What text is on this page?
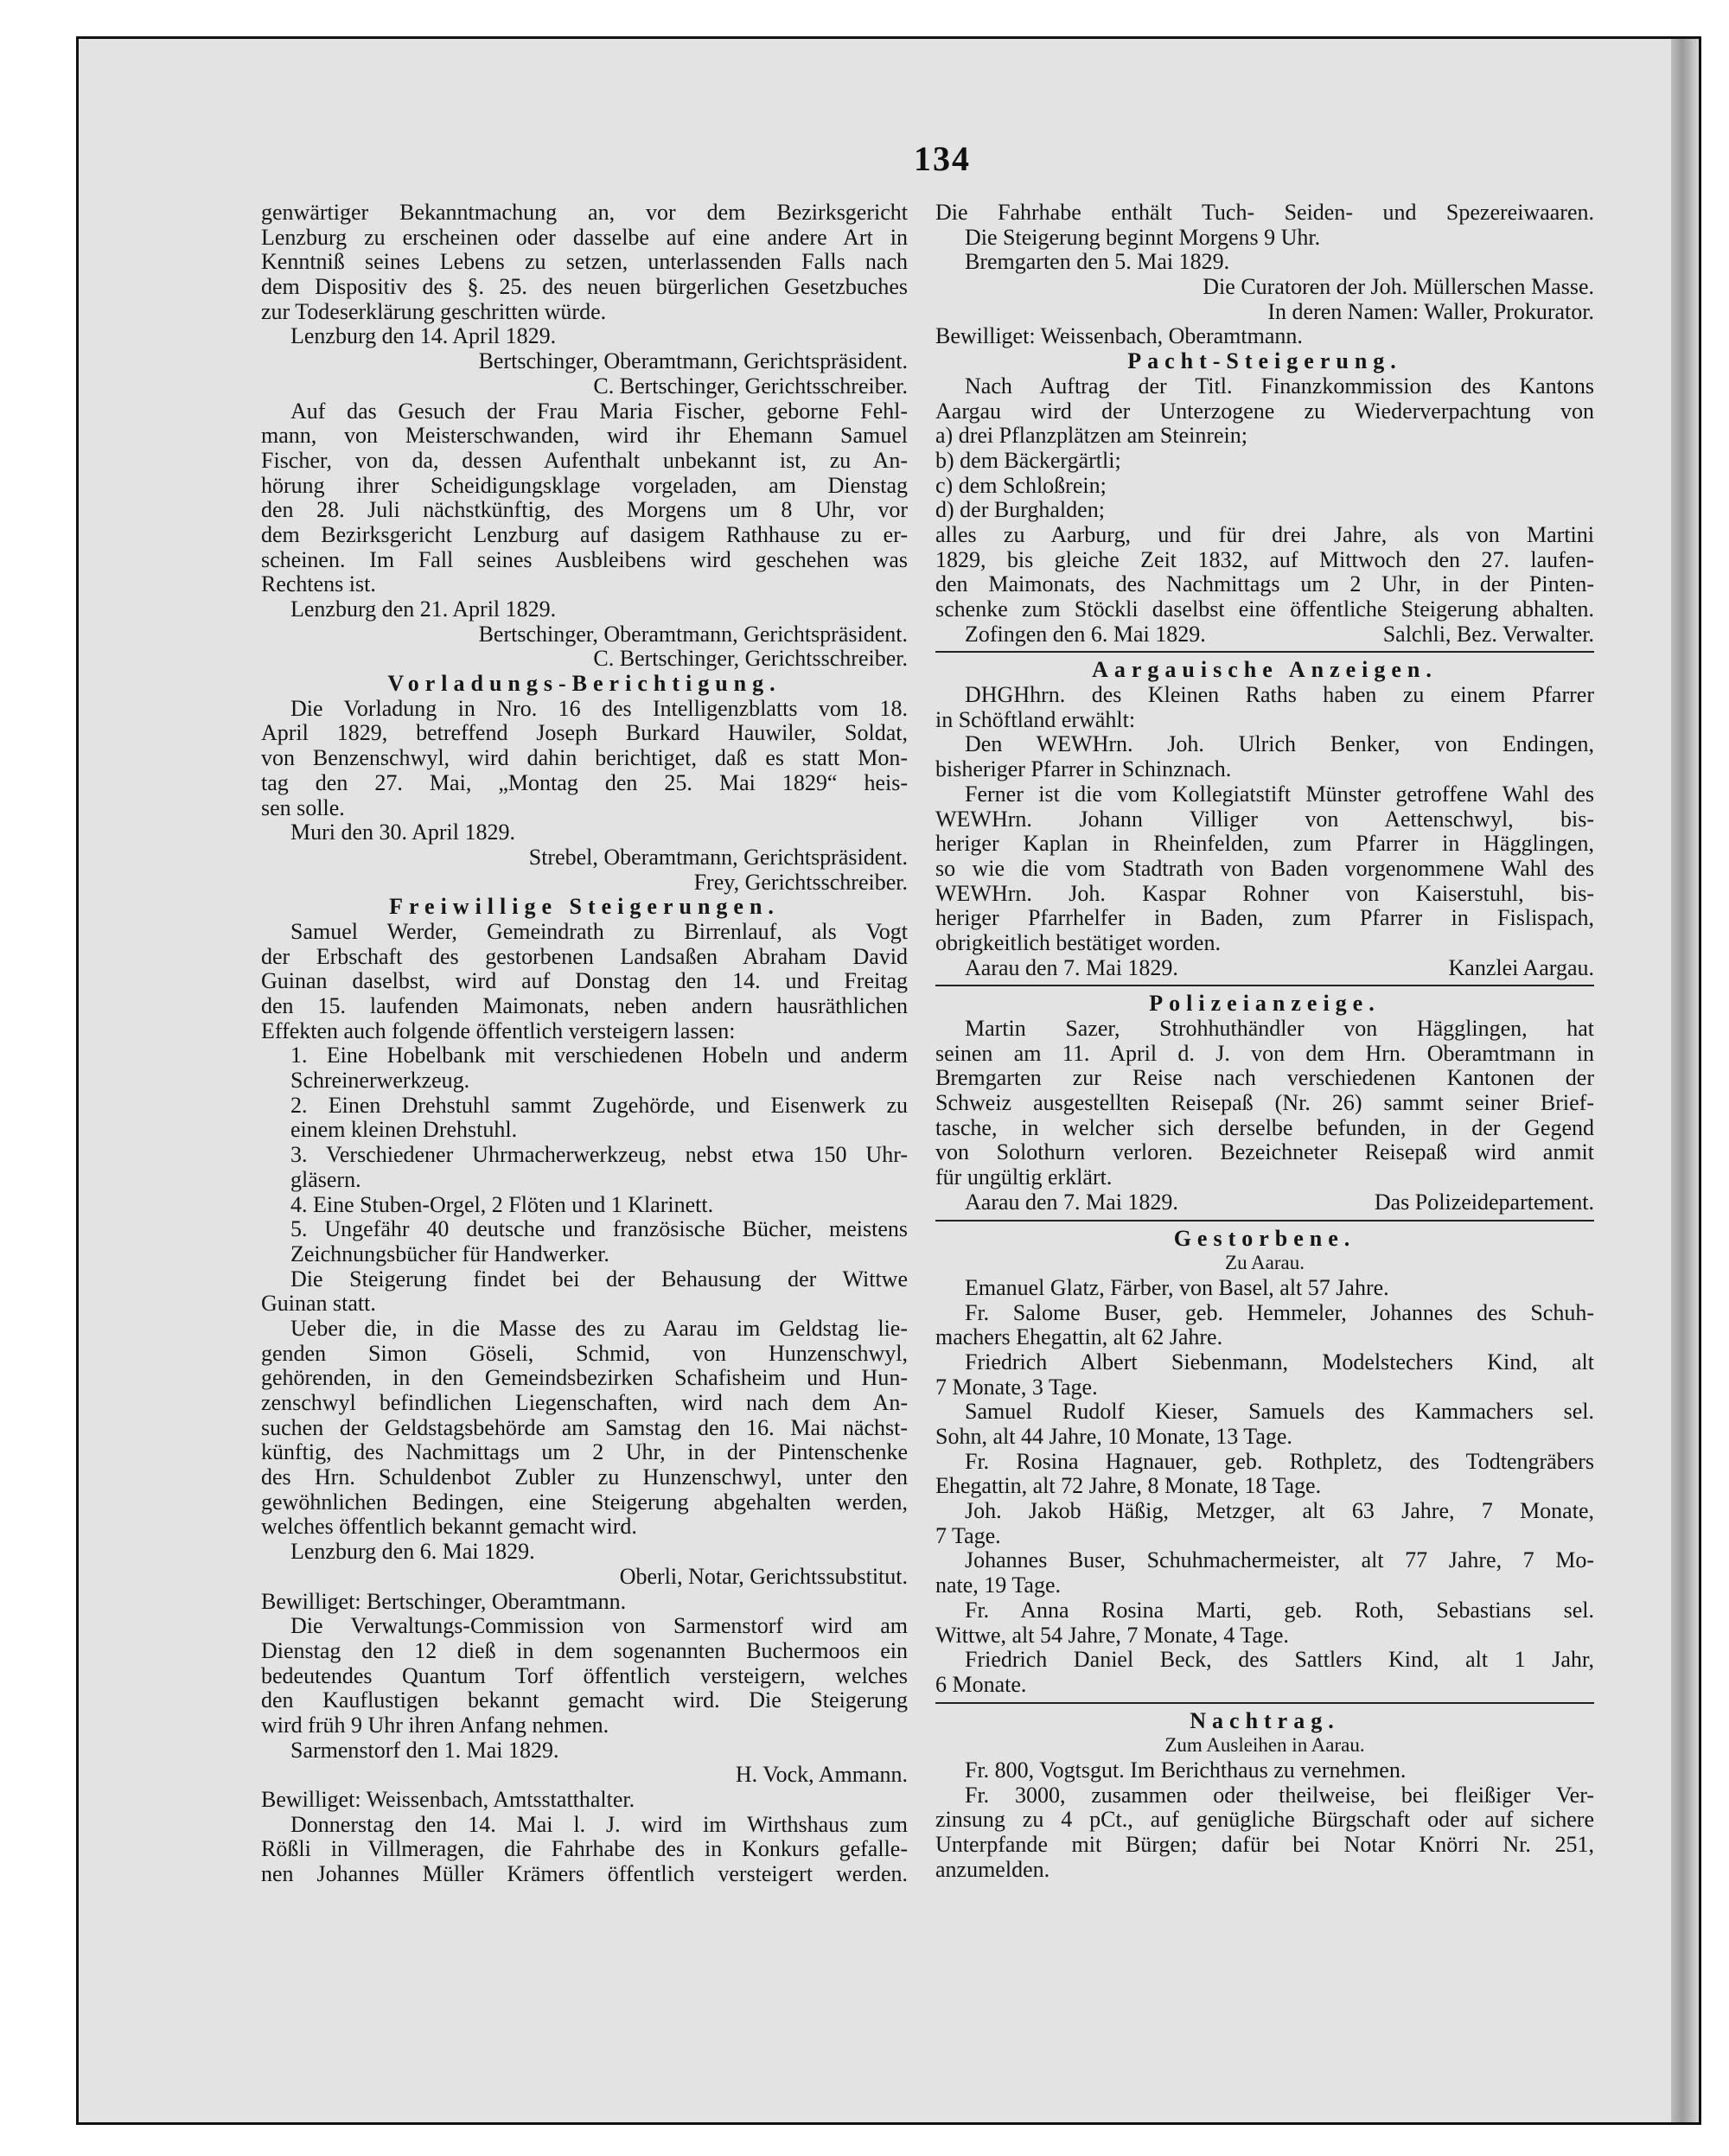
134
genwärtiger Bekanntmachung an, vor dem Bezirksgericht
Lenzburg zu erscheinen oder dasselbe auf eine andere Art in
Kenntniß seines Lebens zu setzen, unterlassenden Falls nach
dem Dispositiv des §. 25. des neuen bürgerlichen Gesetzbuches
zur Todeserklärung geschritten würde.
Lenzburg den 14. April 1829.
Bertschinger, Oberamtmann, Gerichtspräsident.
C. Bertschinger, Gerichtsschreiber.
Auf das Gesuch der Frau Maria Fischer, geborne Fehl-
mann, von Meisterschwanden, wird ihr Ehemann Samuel
Fischer, von da, dessen Aufenthalt unbekannt ist, zu An-
hörung ihrer Scheidigungsklage vorgeladen, am Dienstag
den 28. Juli nächstkünftig, des Morgens um 8 Uhr, vor
dem Bezirksgericht Lenzburg auf dasigem Rathhause zu er-
scheinen. Im Fall seines Ausbleibens wird geschehen was
Rechtens ist.
Lenzburg den 21. April 1829.
Bertschinger, Oberamtmann, Gerichtspräsident.
C. Bertschinger, Gerichtsschreiber.
Vorladungs-Berichtigung.
Die Vorladung in Nro. 16 des Intelligenzblatts vom 18.
April 1829, betreffend Joseph Burkard Hauwiler, Soldat,
von Benzenschwyl, wird dahin berichtiget, daß es statt Mon-
tag den 27. Mai, „Montag den 25. Mai 1829“ heis-
sen solle.
Muri den 30. April 1829.
Strebel, Oberamtmann, Gerichtspräsident.
Frey, Gerichtsschreiber.
Freiwillige Steigerungen.
Samuel Werder, Gemeindrath zu Birrenlauf, als Vogt
der Erbschaft des gestorbenen Landsaßen Abraham David
Guinan daselbst, wird auf Donstag den 14. und Freitag
den 15. laufenden Maimonats, neben andern hausräthlichen
Effekten auch folgende öffentlich versteigern lassen:
1. Eine Hobelbank mit verschiedenen Hobeln und anderm
Schreinerwerkzeug.
2. Einen Drehstuhl sammt Zugehörde, und Eisenwerk zu
einem kleinen Drehstuhl.
3. Verschiedener Uhrmacherwerkzeug, nebst etwa 150 Uhr-
gläsern.
4. Eine Stuben-Orgel, 2 Flöten und 1 Klarinett.
5. Ungefähr 40 deutsche und französische Bücher, meistens
Zeichnungsbücher für Handwerker.
Die Steigerung findet bei der Behausung der Wittwe
Guinan statt.
Ueber die, in die Masse des zu Aarau im Geldstag lie-
genden Simon Göseli, Schmid, von Hunzenschwyl,
gehörenden, in den Gemeindsbezirken Schafisheim und Hun-
zenschwyl befindlichen Liegenschaften, wird nach dem An-
suchen der Geldstagsbehörde am Samstag den 16. Mai nächst-
künftig, des Nachmittags um 2 Uhr, in der Pintenschenke
des Hrn. Schuldenbot Zubler zu Hunzenschwyl, unter den
gewöhnlichen Bedingen, eine Steigerung abgehalten werden,
welches öffentlich bekannt gemacht wird.
Lenzburg den 6. Mai 1829.
Oberli, Notar, Gerichtssubstitut.
Bewilliget: Bertschinger, Oberamtmann.
Die Verwaltungs-Commission von Sarmenstorf wird am
Dienstag den 12 dieß in dem sogenannten Buchermoos ein
bedeutendes Quantum Torf öffentlich versteigern, welches
den Kauflustigen bekannt gemacht wird. Die Steigerung
wird früh 9 Uhr ihren Anfang nehmen.
Sarmenstorf den 1. Mai 1829.
H. Vock, Ammann.
Bewilliget: Weissenbach, Amtsstatthalter.
Donnerstag den 14. Mai l. J. wird im Wirthshaus zum
Rößli in Villmeragen, die Fahrhabe des in Konkurs gefalle-
nen Johannes Müller Krämers öffentlich versteigert werden.
Die Fahrhabe enthält Tuch- Seiden- und Spezereiwaaren.
Die Steigerung beginnt Morgens 9 Uhr.
Bremgarten den 5. Mai 1829.
Die Curatoren der Joh. Müllerschen Masse.
In deren Namen: Waller, Prokurator.
Bewilliget: Weissenbach, Oberamtmann.
Pacht-Steigerung.
Nach Auftrag der Titl. Finanzkommission des Kantons
Aargau wird der Unterzogene zu Wiederverpachtung von
a) drei Pflanzplätzen am Steinrein;
b) dem Bäckergärtli;
c) dem Schloßrein;
d) der Burghalden;
alles zu Aarburg, und für drei Jahre, als von Martini
1829, bis gleiche Zeit 1832, auf Mittwoch den 27. laufen-
den Maimonats, des Nachmittags um 2 Uhr, in der Pinten-
schenke zum Stöckli daselbst eine öffentliche Steigerung abhalten.
Zofingen den 6. Mai 1829.	Salchli, Bez. Verwalter.
Aargauische Anzeigen.
DHGHhrn. des Kleinen Raths haben zu einem Pfarrer
in Schöftland erwählt:
Den WEWHrn. Joh. Ulrich Benker, von Endingen,
bisheriger Pfarrer in Schinznach.
Ferner ist die vom Kollegiatstift Münster getroffene Wahl des
WEWHrn. Johann Villiger von Aettenschwyl, bis-
heriger Kaplan in Rheinfelden, zum Pfarrer in Hägglingen,
so wie die vom Stadtrath von Baden vorgenommene Wahl des
WEWHrn. Joh. Kaspar Rohner von Kaiserstuhl, bis-
heriger Pfarrhelfer in Baden, zum Pfarrer in Fislispach,
obrigkeitlich bestätiget worden.
Aarau den 7. Mai 1829.	Kanzlei Aargau.
Polizeianzeige.
Martin Sazer, Strohhuthändler von Hägglingen, hat
seinen am 11. April d. J. von dem Hrn. Oberamtmann in
Bremgarten zur Reise nach verschiedenen Kantonen der
Schweiz ausgestellten Reisepaß (Nr. 26) sammt seiner Brief-
tasche, in welcher sich derselbe befunden, in der Gegend
von Solothurn verloren. Bezeichneter Reisepaß wird anmit
für ungültig erklärt.
Aarau den 7. Mai 1829.	Das Polizeidepartement.
Gestorbene.
Zu Aarau.
Emanuel Glatz, Färber, von Basel, alt 57 Jahre.
Fr. Salome Buser, geb. Hemmeler, Johannes des Schuh-
machers Ehegattin, alt 62 Jahre.
Friedrich Albert Siebenmann, Modelstechers Kind, alt
7 Monate, 3 Tage.
Samuel Rudolf Kieser, Samuels des Kammachers sel.
Sohn, alt 44 Jahre, 10 Monate, 13 Tage.
Fr. Rosina Hagnauer, geb. Rothpletz, des Todtengräbers
Ehegattin, alt 72 Jahre, 8 Monate, 18 Tage.
Joh. Jakob Häßig, Metzger, alt 63 Jahre, 7 Monate,
7 Tage.
Johannes Buser, Schuhmachermeister, alt 77 Jahre, 7 Mo-
nate, 19 Tage.
Fr. Anna Rosina Marti, geb. Roth, Sebastians sel.
Wittwe, alt 54 Jahre, 7 Monate, 4 Tage.
Friedrich Daniel Beck, des Sattlers Kind, alt 1 Jahr,
6 Monate.
Nachtrag.
Zum Ausleihen in Aarau.
Fr. 800, Vogtsgut. Im Berichthaus zu vernehmen.
Fr. 3000, zusammen oder theilweise, bei fleißiger Ver-
zinsung zu 4 pCt., auf genügliche Bürgschaft oder auf sichere
Unterpfande mit Bürgen; dafür bei Notar Knörri Nr. 251,
anzumelden.
